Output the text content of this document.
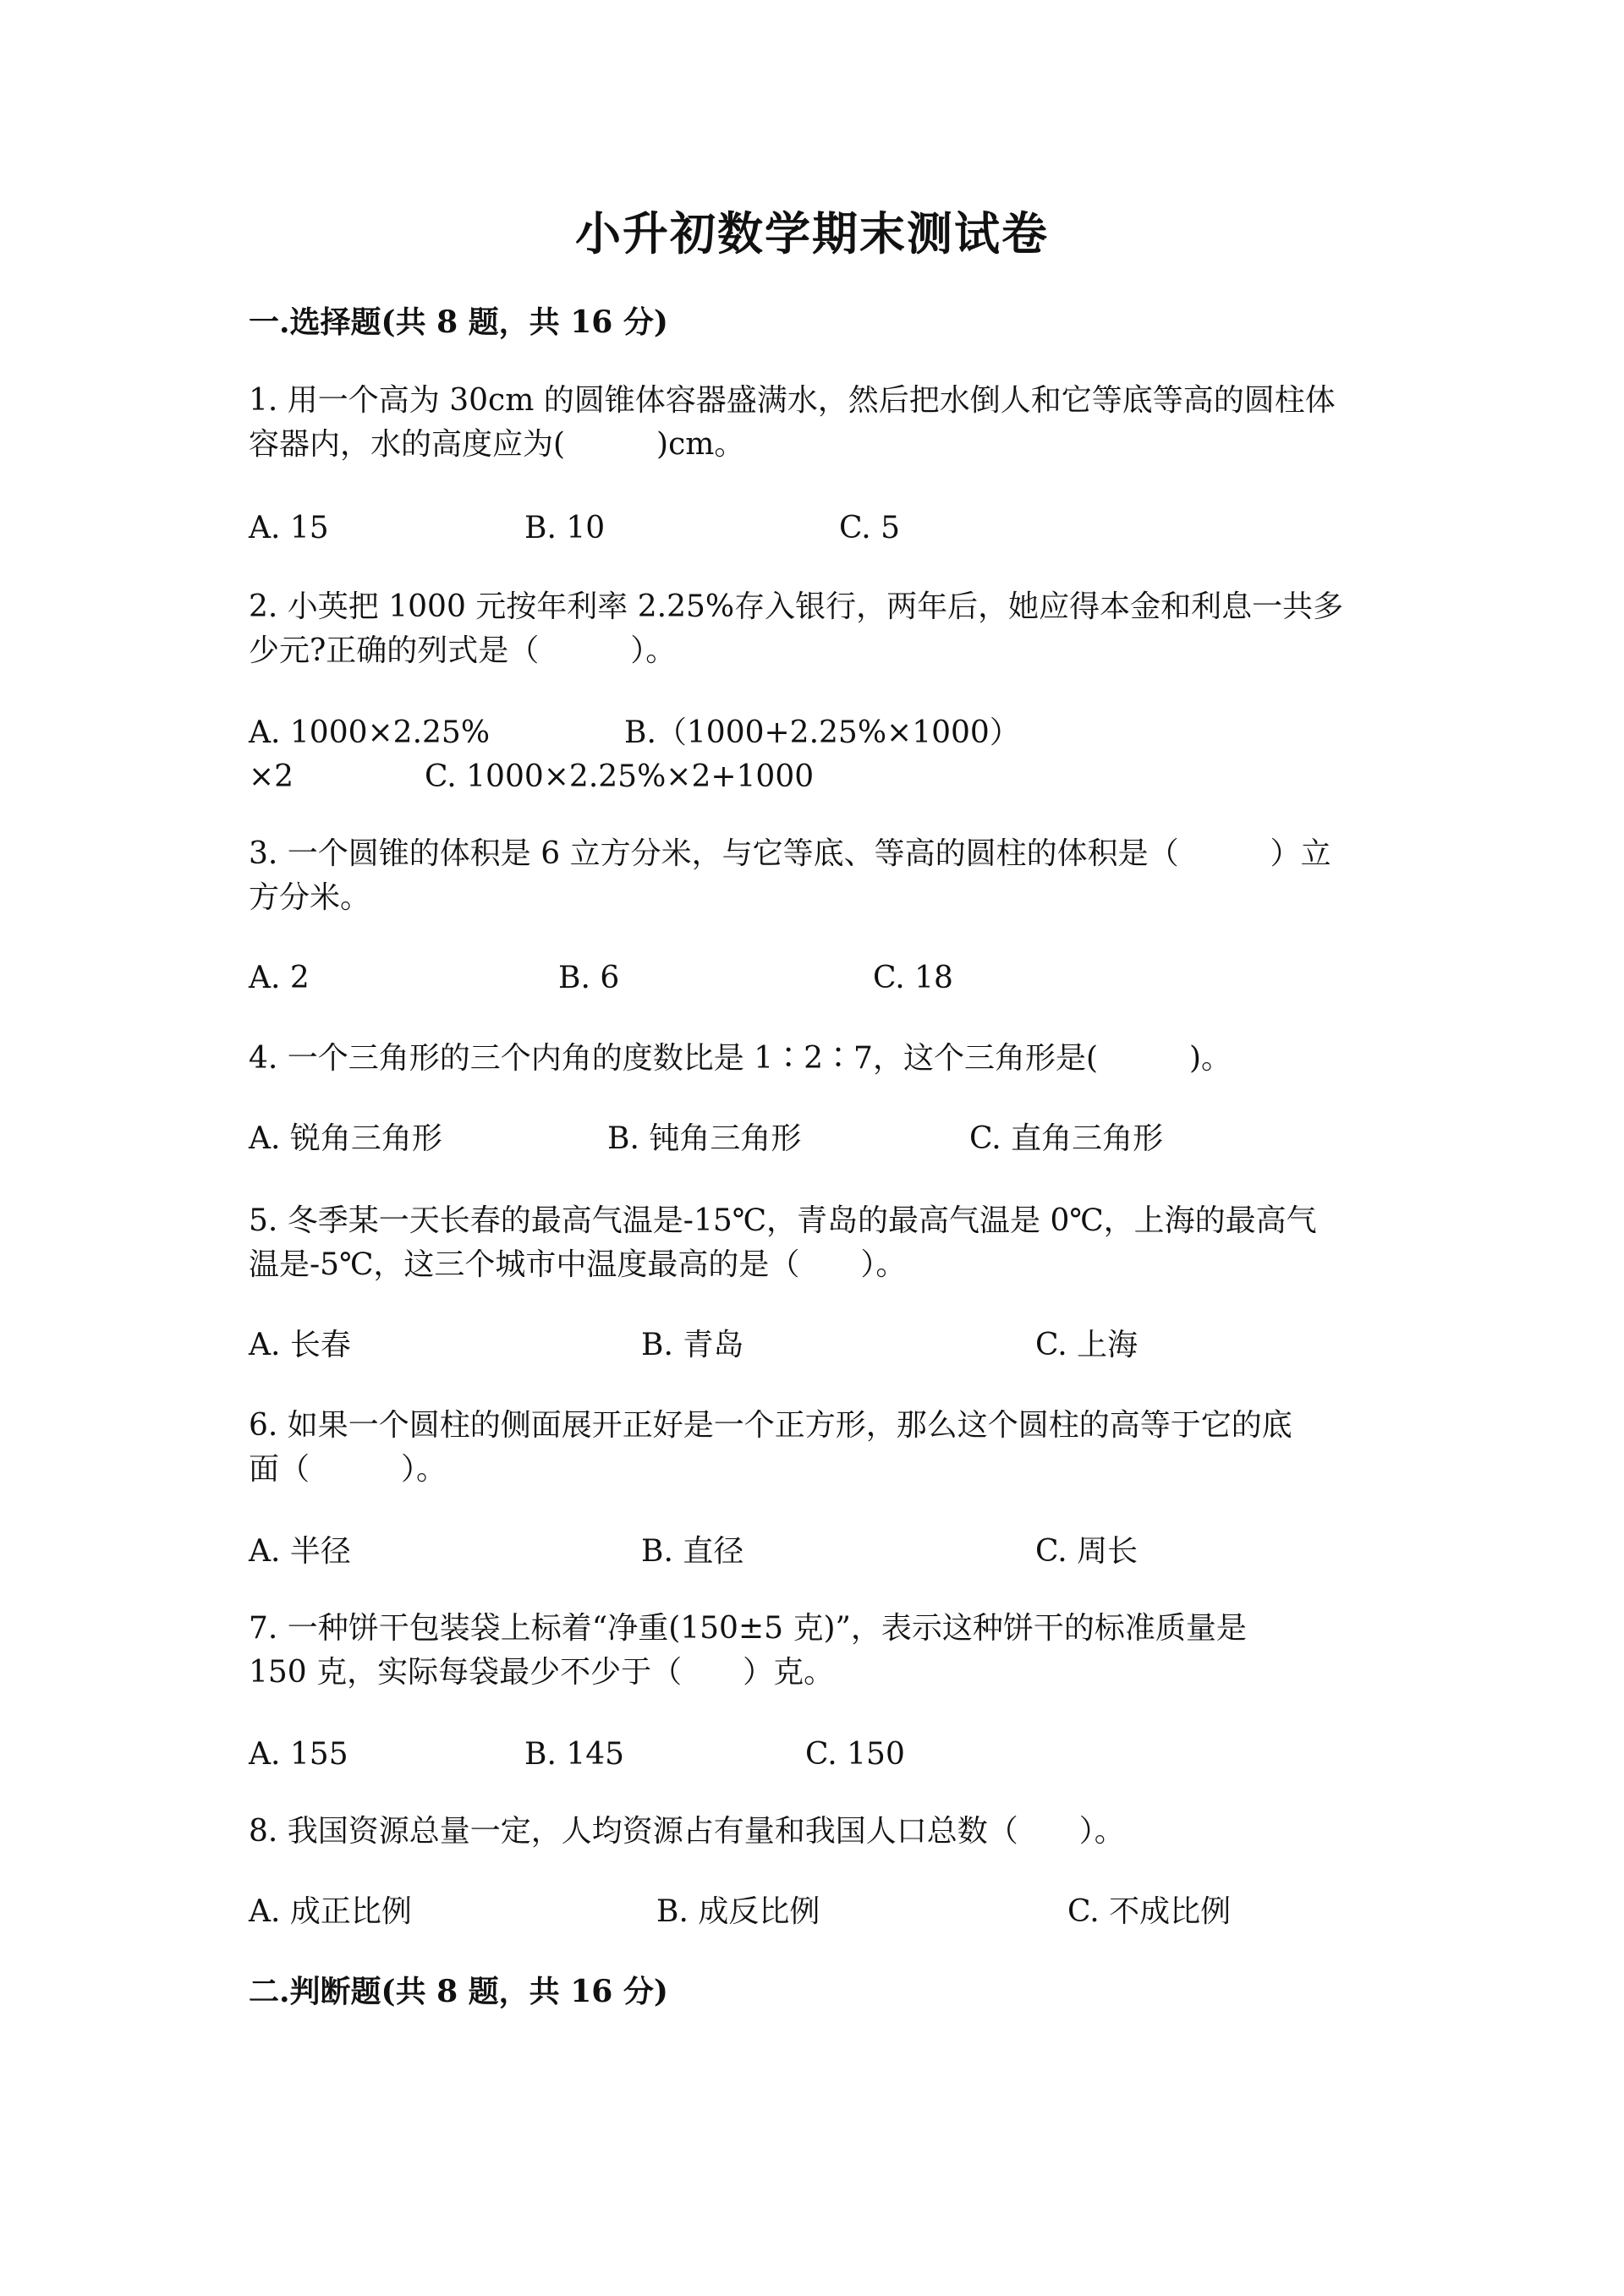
小升初数学期末测试卷
一.选择题(共 8 题，共 16 分)
1. 用一个高为 30cm 的圆锥体容器盛满水，然后把水倒人和它等底等高的圆柱体
容器内，水的高度应为(　　　)cm。
A. 15	B. 10	C. 5
2. 小英把 1000 元按年利率 2.25%存入银行，两年后，她应得本金和利息一共多
少元?正确的列式是（　　　）。
A. 1000×2.25%	B.（1000+2.25%×1000）
×2	C. 1000×2.25%×2+1000
3. 一个圆锥的体积是 6 立方分米，与它等底、等高的圆柱的体积是（　　　）立
方分米。
A. 2	B. 6	C. 18
4. 一个三角形的三个内角的度数比是 1∶2∶7，这个三角形是(　　　)。
A. 锐角三角形	B. 钝角三角形	C. 直角三角形
5. 冬季某一天长春的最高气温是-15℃，青岛的最高气温是 0℃，上海的最高气
温是-5℃，这三个城市中温度最高的是（　　）。
A. 长春	B. 青岛	C. 上海
6. 如果一个圆柱的侧面展开正好是一个正方形，那么这个圆柱的高等于它的底
面（　　　）。
A. 半径	B. 直径	C. 周长
7. 一种饼干包装袋上标着“净重(150±5 克)”，表示这种饼干的标准质量是
150 克，实际每袋最少不少于（　　）克。
A. 155	B. 145	C. 150
8. 我国资源总量一定，人均资源占有量和我国人口总数（　　）。
A. 成正比例	B. 成反比例	C. 不成比例
二.判断题(共 8 题，共 16 分)
